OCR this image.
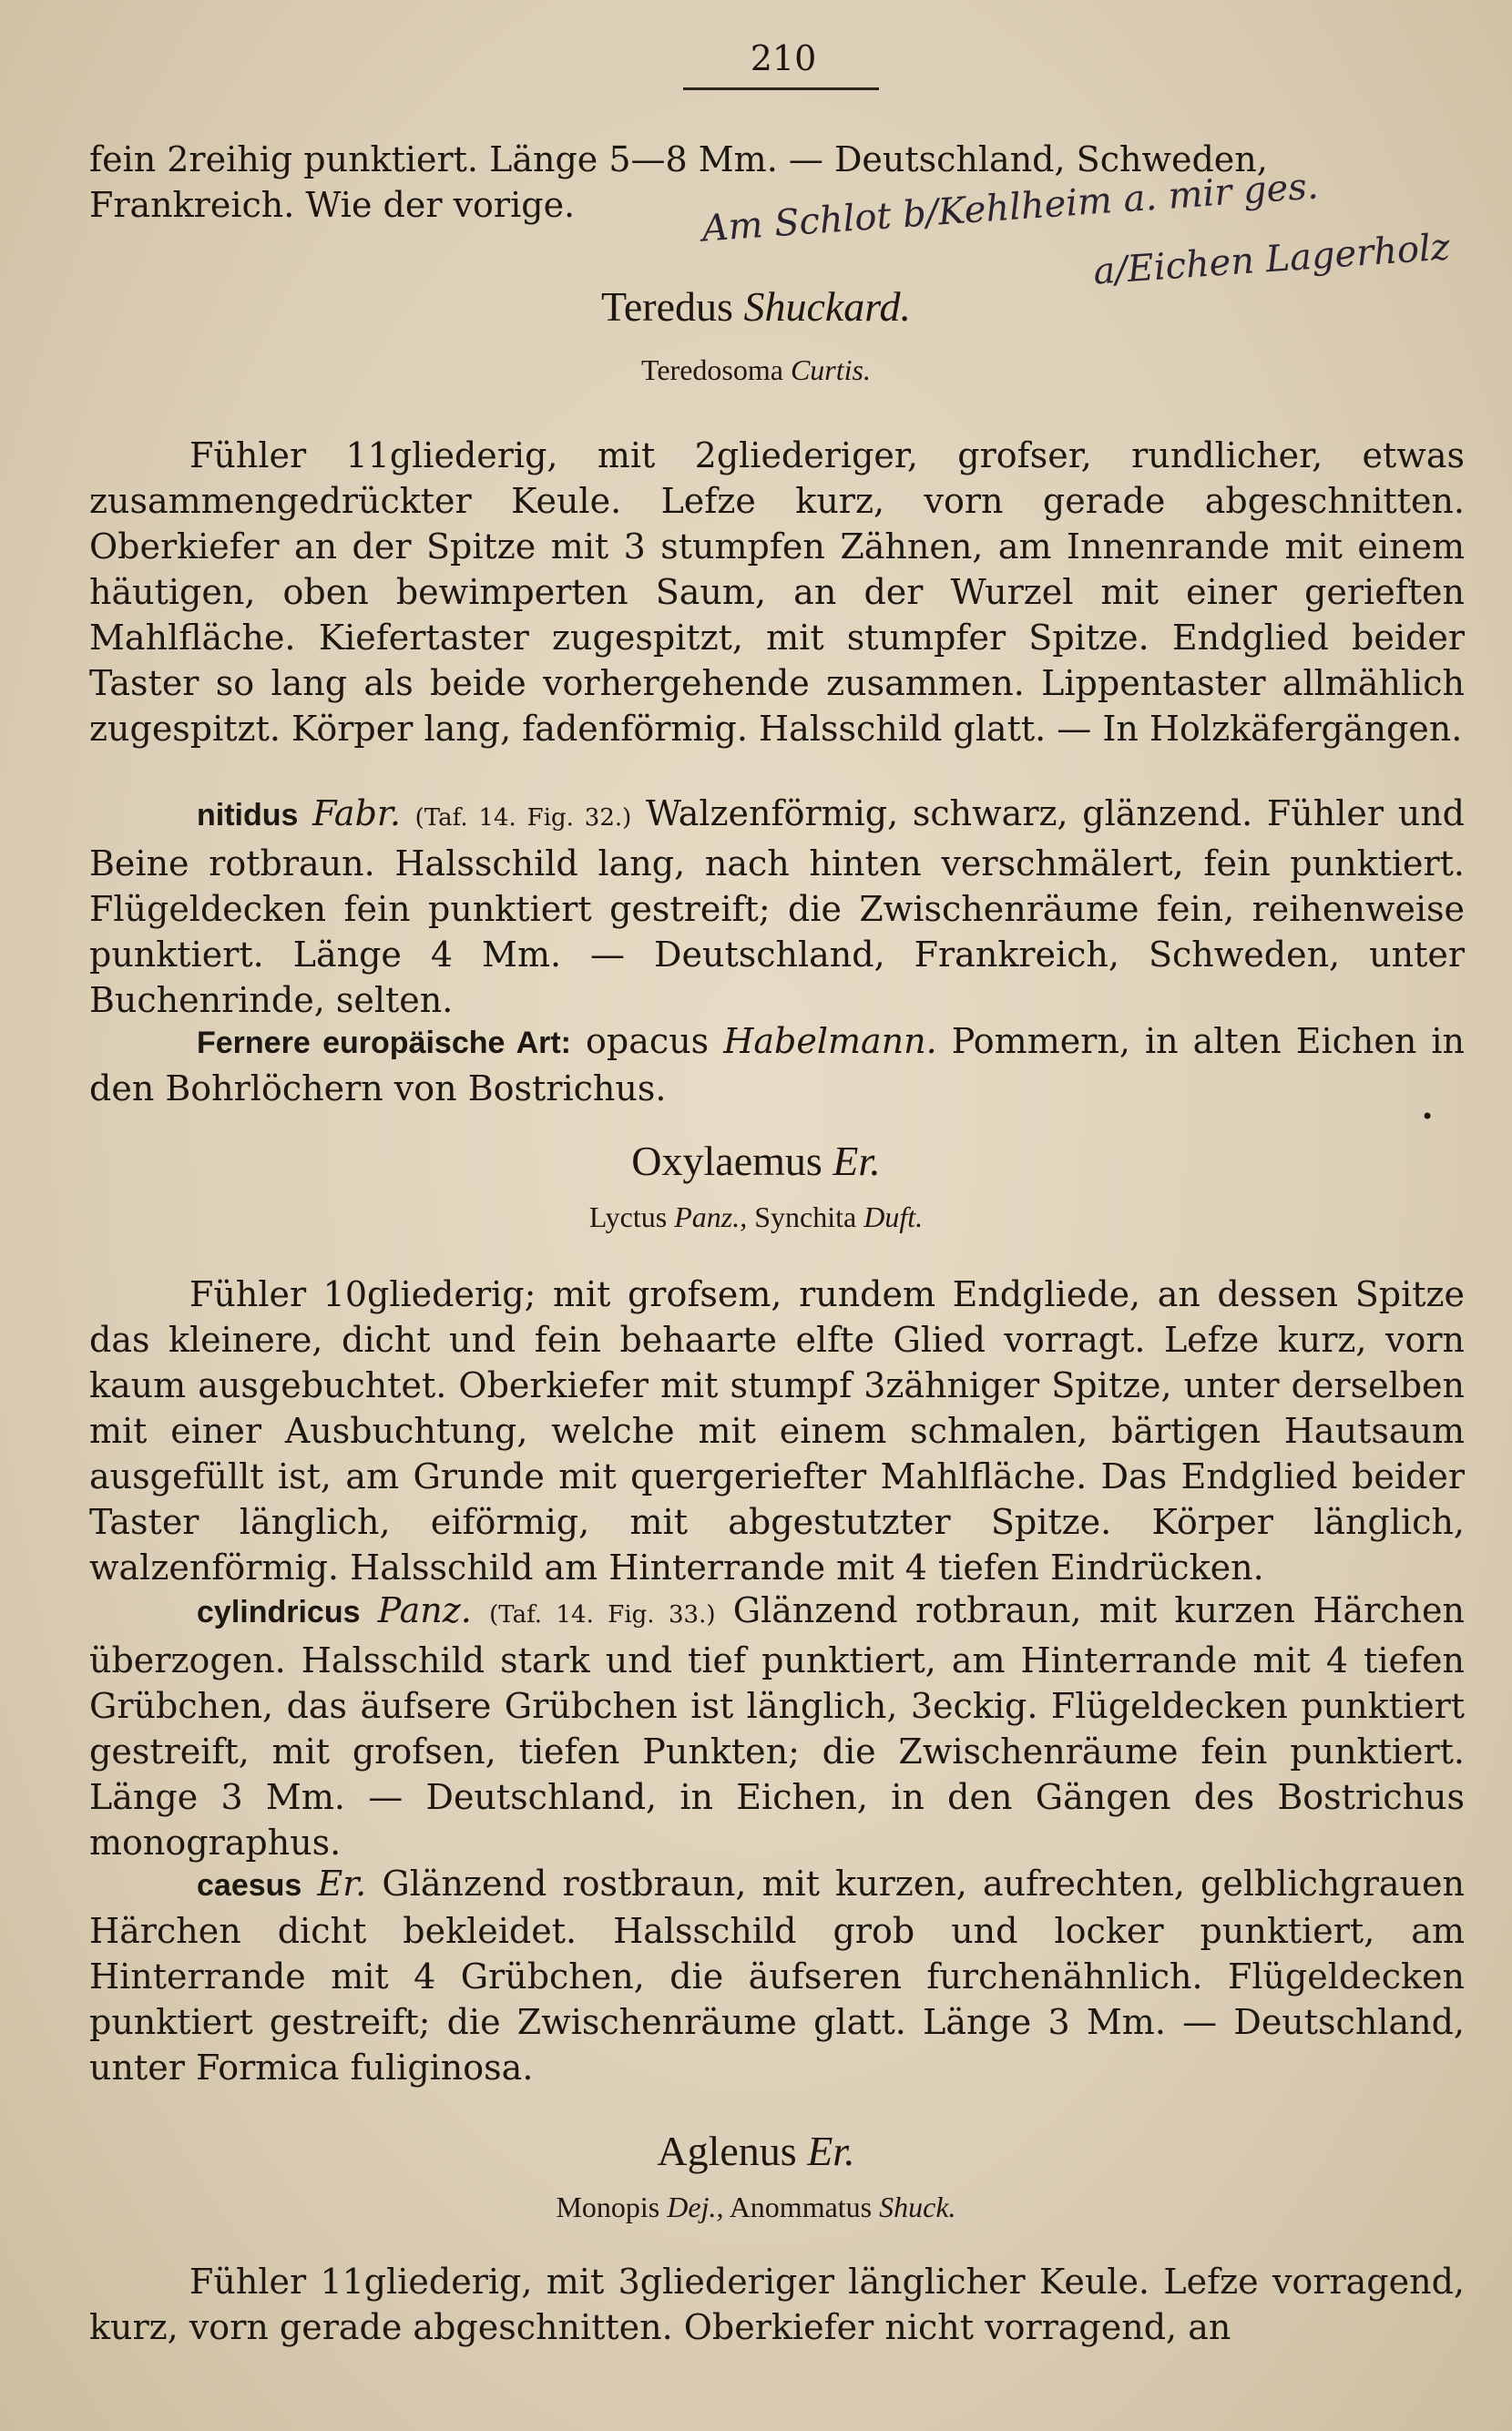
210
fein 2reihig punktiert. Länge 5—8 Mm. — Deutschland, Schweden,
Frankreich. Wie der vorige.	Am Schlot b/Kehlheim a. mir ges.
a/Eichen Lagerholz
Teredus Shuckard.
Teredosoma Curtis.
Fühler 11gliederig, mit 2gliederiger, grofser, rundlicher, etwas zusammengedrückter Keule. Lefze kurz, vorn gerade abgeschnitten. Oberkiefer an der Spitze mit 3 stumpfen Zähnen, am Innenrande mit einem häutigen, oben bewimperten Saum, an der Wurzel mit einer gerieften Mahlfläche. Kiefertaster zugespitzt, mit stumpfer Spitze. Endglied beider Taster so lang als beide vorhergehende zusammen. Lippentaster allmählich zugespitzt. Körper lang, fadenförmig. Halsschild glatt. — In Holzkäfergängen.
nitidus Fabr. (Taf. 14. Fig. 32.) Walzenförmig, schwarz, glänzend. Fühler und Beine rotbraun. Halsschild lang, nach hinten verschmälert, fein punktiert. Flügeldecken fein punktiert gestreift; die Zwischenräume fein, reihenweise punktiert. Länge 4 Mm. — Deutschland, Frankreich, Schweden, unter Buchenrinde, selten.
Fernere europäische Art: opacus Habelmann. Pommern, in alten Eichen in den Bohrlöchern von Bostrichus.
•
Oxylaemus Er.
Lyctus Panz., Synchita Duft.
Fühler 10gliederig; mit grofsem, rundem Endgliede, an dessen Spitze das kleinere, dicht und fein behaarte elfte Glied vorragt. Lefze kurz, vorn kaum ausgebuchtet. Oberkiefer mit stumpf 3zähniger Spitze, unter derselben mit einer Ausbuchtung, welche mit einem schmalen, bärtigen Hautsaum ausgefüllt ist, am Grunde mit quergeriefter Mahlfläche. Das Endglied beider Taster länglich, eiförmig, mit abgestutzter Spitze. Körper länglich, walzenförmig. Halsschild am Hinterrande mit 4 tiefen Eindrücken.
cylindricus Panz. (Taf. 14. Fig. 33.) Glänzend rotbraun, mit kurzen Härchen überzogen. Halsschild stark und tief punktiert, am Hinterrande mit 4 tiefen Grübchen, das äufsere Grübchen ist länglich, 3eckig. Flügeldecken punktiert gestreift, mit grofsen, tiefen Punkten; die Zwischenräume fein punktiert. Länge 3 Mm. — Deutschland, in Eichen, in den Gängen des Bostrichus monographus.
caesus Er. Glänzend rostbraun, mit kurzen, aufrechten, gelblichgrauen Härchen dicht bekleidet. Halsschild grob und locker punktiert, am Hinterrande mit 4 Grübchen, die äufseren furchenähnlich. Flügeldecken punktiert gestreift; die Zwischenräume glatt. Länge 3 Mm. — Deutschland, unter Formica fuliginosa.
Aglenus Er.
Monopis Dej., Anommatus Shuck.
Fühler 11gliederig, mit 3gliederiger länglicher Keule. Lefze vorragend, kurz, vorn gerade abgeschnitten. Oberkiefer nicht vorragend, an
